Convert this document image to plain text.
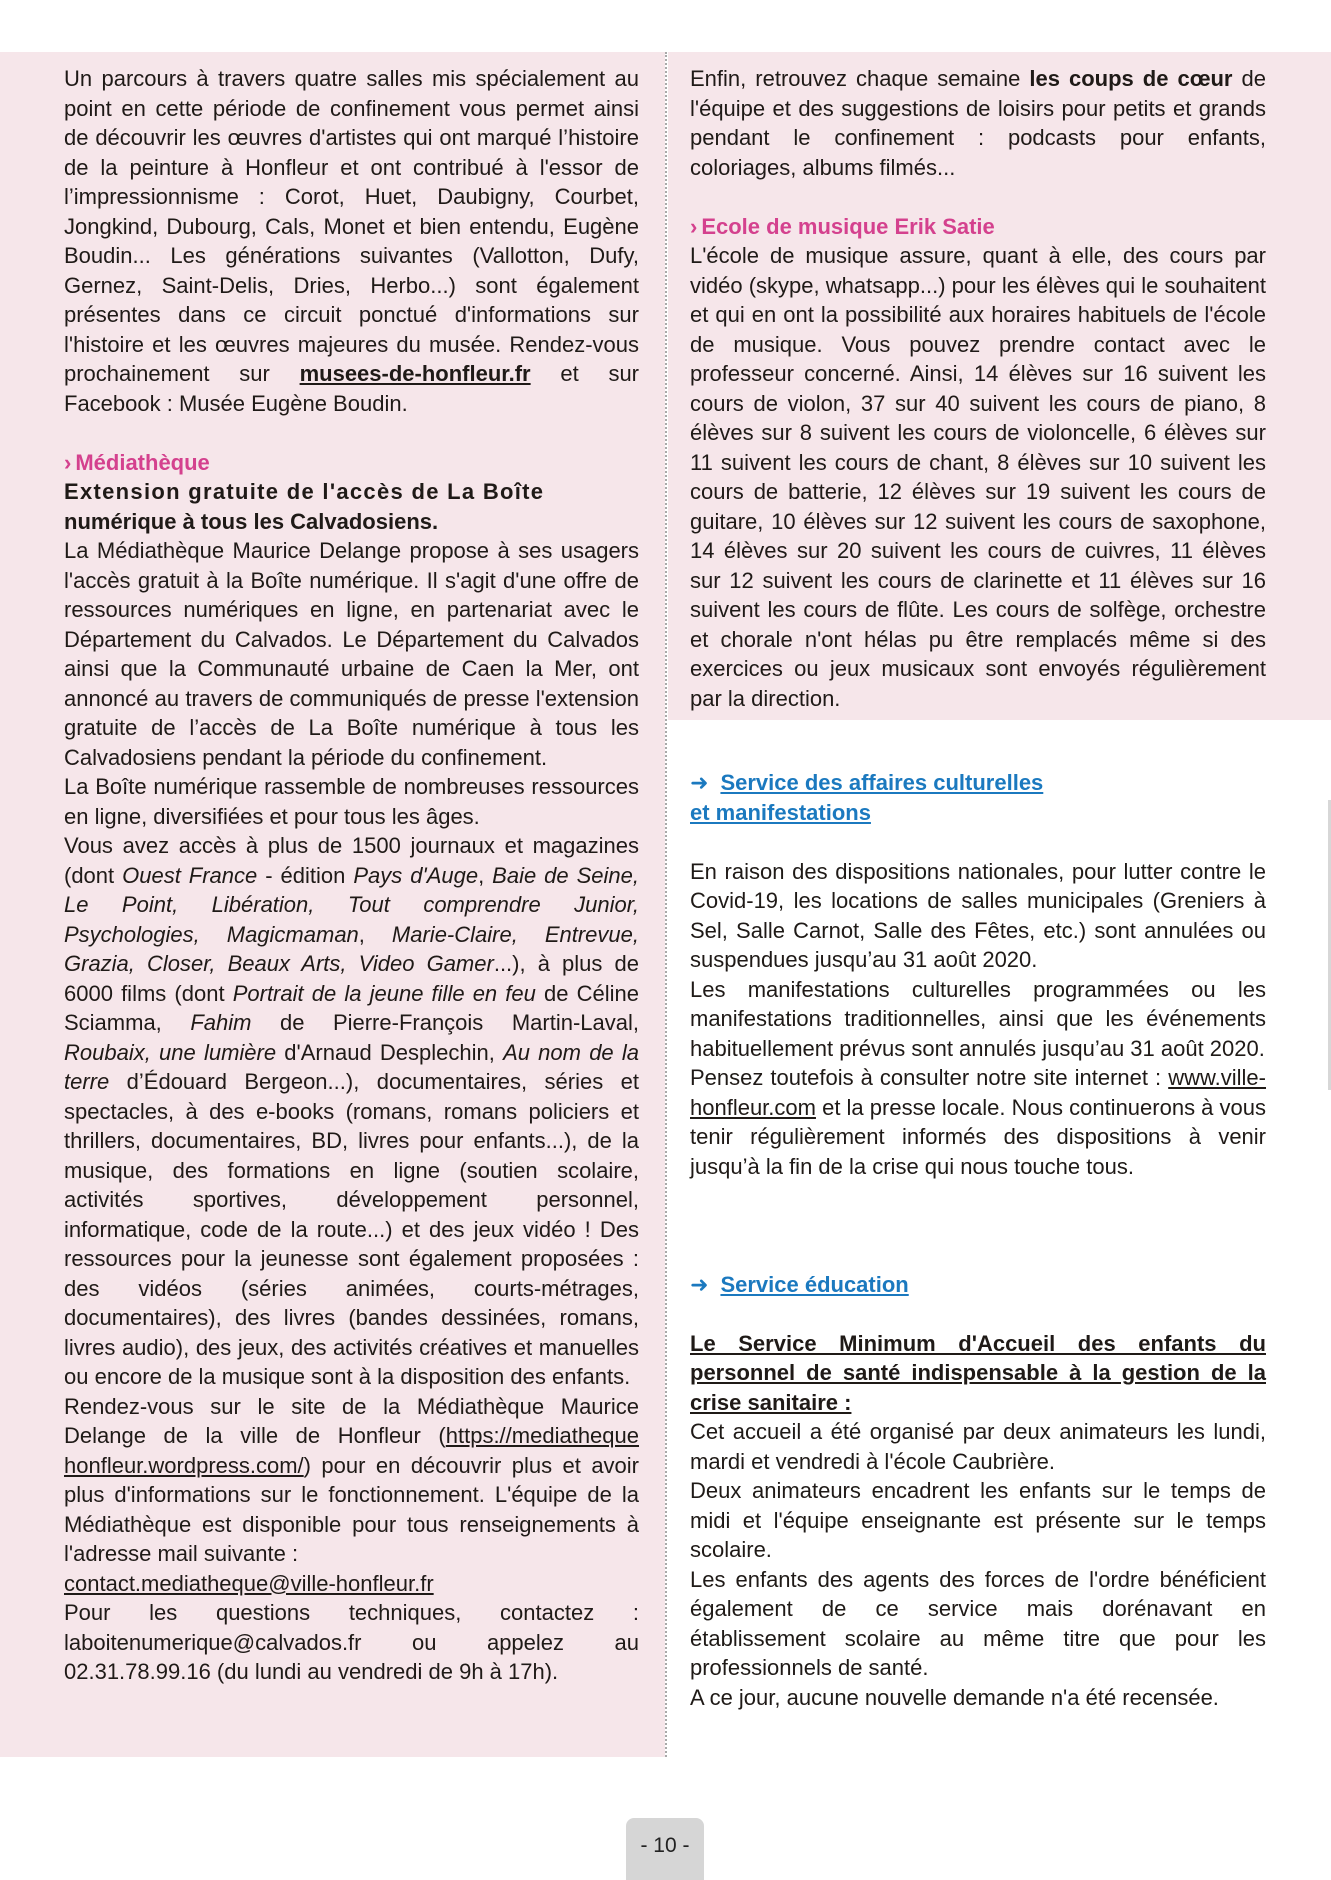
Un parcours à travers quatre salles mis spécialement au point en cette période de confinement vous permet ainsi de découvrir les œuvres d'artistes qui ont marqué l’histoire de la peinture à Honfleur et ont contribué à l'essor de l’impressionnisme : Corot, Huet, Daubigny, Courbet, Jongkind, Dubourg, Cals, Monet et bien entendu, Eugène Boudin... Les générations suivantes (Vallotton, Dufy, Gernez, Saint-Delis, Dries, Herbo...) sont également présentes dans ce circuit ponctué d'informations sur l'histoire et les œuvres majeures du musée. Rendez-vous prochainement sur musees-de-honfleur.fr et sur Facebook : Musée Eugène Boudin.

› Médiathèque

Extension gratuite de l'accès de La Boîte

numérique à tous les Calvadosiens.

La Médiathèque Maurice Delange propose à ses usagers l'accès gratuit à la Boîte numérique. Il s'agit d'une offre de ressources numériques en ligne, en partenariat avec le Département du Calvados. Le Département du Calvados ainsi que la Communauté urbaine de Caen la Mer, ont annoncé au travers de communiqués de presse l'extension gratuite de l’accès de La Boîte numérique à tous les Calvadosiens pendant la période du confinement.

La Boîte numérique rassemble de nombreuses ressources en ligne, diversifiées et pour tous les âges.

Vous avez accès à plus de 1500 journaux et magazines (dont Ouest France - édition Pays d'Auge, Baie de Seine, Le Point, Libération, Tout comprendre Junior, Psychologies, Magicmaman, Marie-Claire, Entrevue, Grazia, Closer, Beaux Arts, Video Gamer...), à plus de 6000 films (dont Portrait de la jeune fille en feu de Céline Sciamma, Fahim de Pierre-François Martin-Laval, Roubaix, une lumière d'Arnaud Desplechin, Au nom de la terre d’Édouard Bergeon...), documentaires, séries et spectacles, à des e-books (romans, romans policiers et thrillers, documentaires, BD, livres pour enfants...), de la musique, des formations en ligne (soutien scolaire, activités sportives, développement personnel, informatique, code de la route...) et des jeux vidéo ! Des ressources pour la jeunesse sont également proposées : des vidéos (séries animées, courts-métrages, documentaires), des livres (bandes dessinées, romans, livres audio), des jeux, des activités créatives et manuelles ou encore de la musique sont à la disposition des enfants.

Rendez-vous sur le site de la Médiathèque Maurice Delange de la ville de Honfleur (https://mediatheque honfleur.wordpress.com/) pour en découvrir plus et avoir plus d'informations sur le fonctionnement. L'équipe de la Médiathèque est disponible pour tous renseignements à l'adresse mail suivante :

contact.mediatheque@ville-honfleur.fr

Pour les questions techniques, contactez : laboitenumerique@calvados.fr ou appelez au 02.31.78.99.16 (du lundi au vendredi de 9h à 17h).

Enfin, retrouvez chaque semaine les coups de cœur de l'équipe et des suggestions de loisirs pour petits et grands pendant le confinement : podcasts pour enfants, coloriages, albums filmés...

› Ecole de musique Erik Satie

L'école de musique assure, quant à elle, des cours par vidéo (skype, whatsapp...) pour les élèves qui le souhaitent et qui en ont la possibilité aux horaires habituels de l'école de musique. Vous pouvez prendre contact avec le professeur concerné. Ainsi, 14 élèves sur 16 suivent les cours de violon, 37 sur 40 suivent les cours de piano, 8 élèves sur 8 suivent les cours de violoncelle, 6 élèves sur 11 suivent les cours de chant, 8 élèves sur 10 suivent les cours de batterie, 12 élèves sur 19 suivent les cours de guitare, 10 élèves sur 12 suivent les cours de saxophone, 14 élèves sur 20 suivent les cours de cuivres, 11 élèves sur 12 suivent les cours de clarinette et 11 élèves sur 16 suivent les cours de flûte. Les cours de solfège, orchestre et chorale n'ont hélas pu être remplacés même si des exercices ou jeux musicaux sont envoyés régulièrement par la direction.

➜ Service des affaires culturelles

et manifestations

En raison des dispositions nationales, pour lutter contre le Covid-19, les locations de salles municipales (Greniers à Sel, Salle Carnot, Salle des Fêtes, etc.) sont annulées ou suspendues jusqu’au 31 août 2020.

Les manifestations culturelles programmées ou les manifestations traditionnelles, ainsi que les événements habituellement prévus sont annulés jusqu’au 31 août 2020.

Pensez toutefois à consulter notre site internet : www.ville-honfleur.com et la presse locale. Nous continuerons à vous tenir régulièrement informés des dispositions à venir jusqu’à la fin de la crise qui nous touche tous.

➜ Service éducation

Le Service Minimum d'Accueil des enfants du personnel de santé indispensable à la gestion de la crise sanitaire :

Cet accueil a été organisé par deux animateurs les lundi, mardi et vendredi à l'école Caubrière.

Deux animateurs encadrent les enfants sur le temps de midi et l'équipe enseignante est présente sur le temps scolaire.

Les enfants des agents des forces de l'ordre bénéficient également de ce service mais dorénavant en établissement scolaire au même titre que pour les professionnels de santé.

A ce jour, aucune nouvelle demande n'a été recensée.

- 10 -
